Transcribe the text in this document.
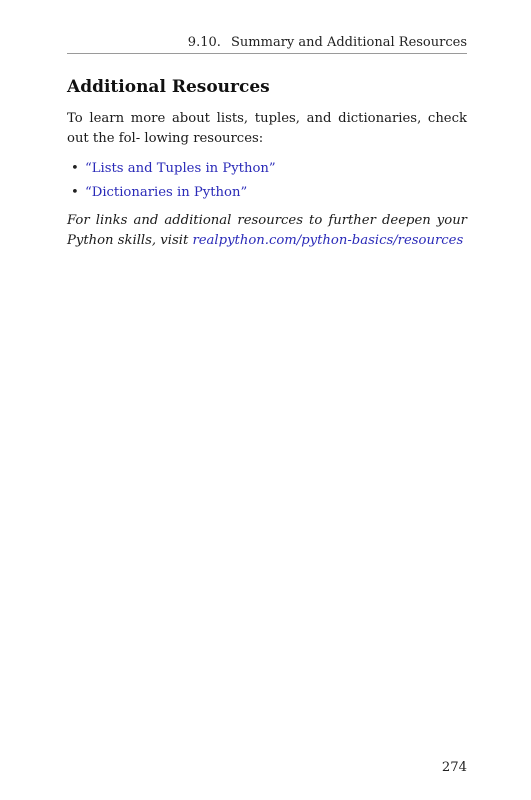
9.10. Summary and Additional Resources
Additional Resources

To learn more about lists, tuples, and dictionaries, check out the fol- lowing resources:

• “Lists and Tuples in Python”
• “Dictionaries in Python”

For links and additional resources to further deepen your Python skills, visit realpython.com/python-basics/resources

274
